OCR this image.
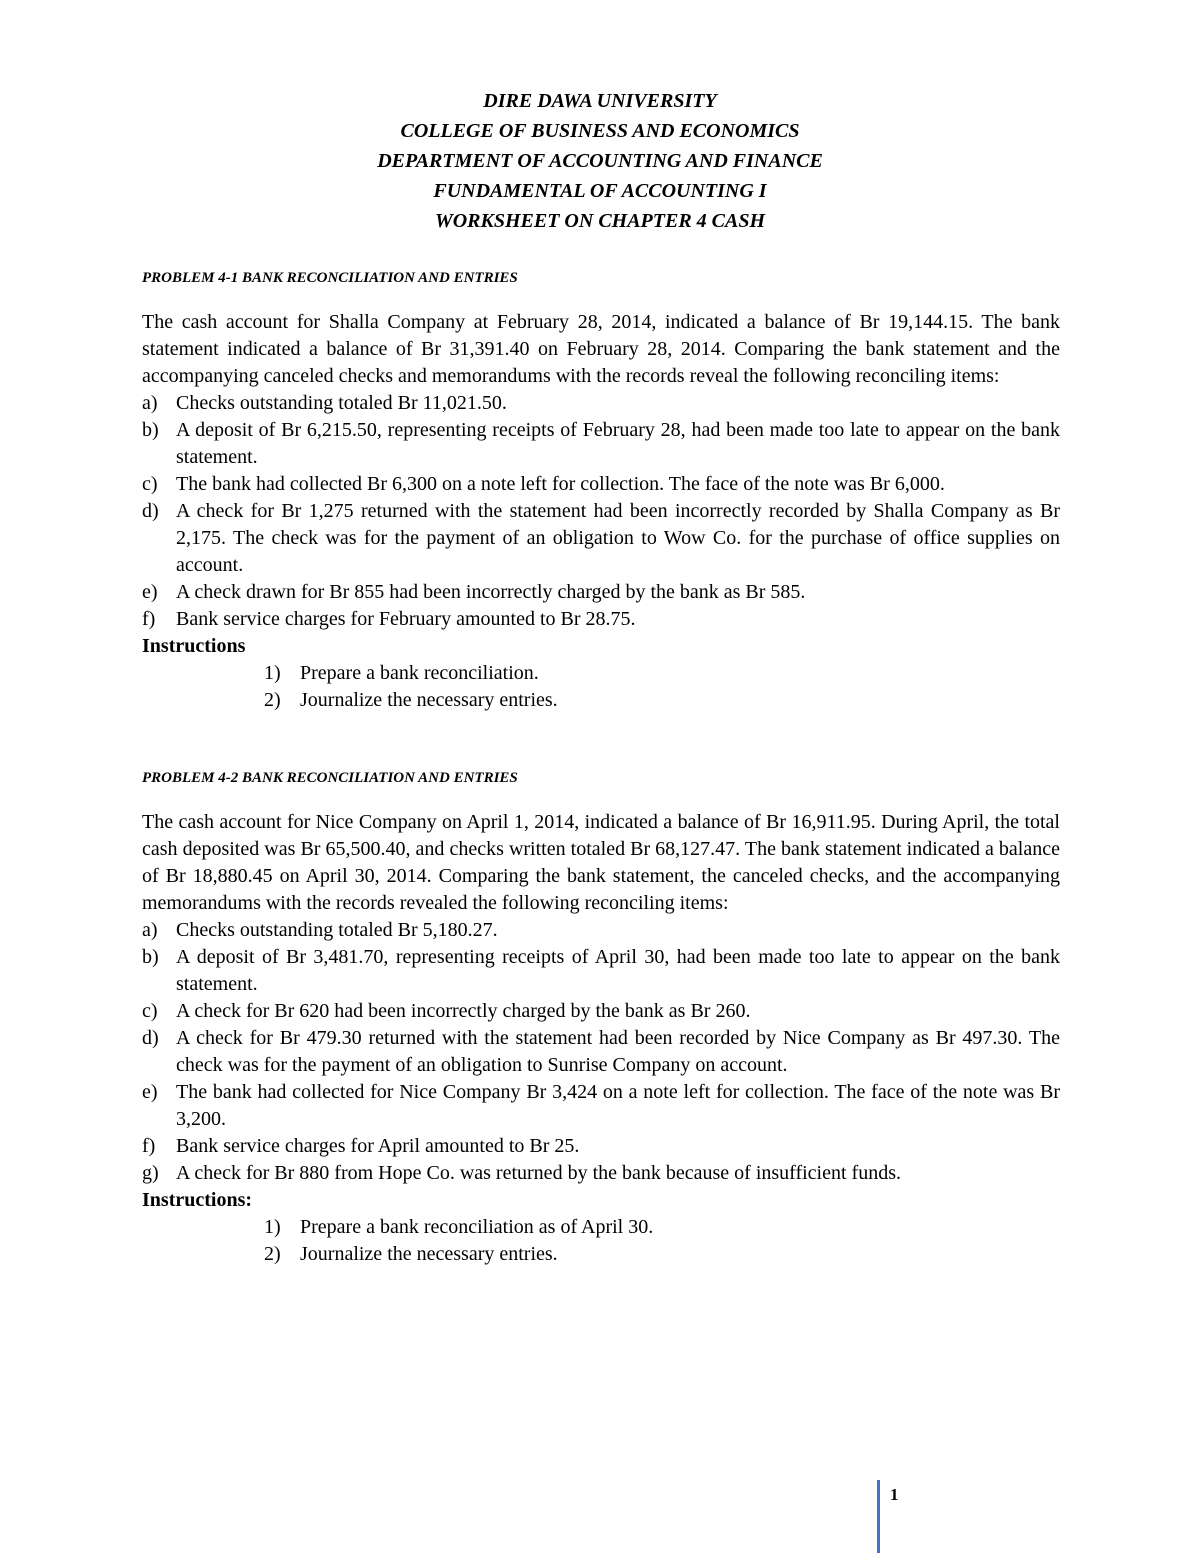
DIRE DAWA UNIVERSITY
COLLEGE OF BUSINESS AND ECONOMICS
DEPARTMENT OF ACCOUNTING AND FINANCE
FUNDAMENTAL OF ACCOUNTING I
WORKSHEET ON CHAPTER 4 CASH
PROBLEM 4-1 BANK RECONCILIATION AND ENTRIES
The cash account for Shalla Company at February 28, 2014, indicated a balance of Br 19,144.15. The bank statement indicated a balance of Br 31,391.40 on February 28, 2014. Comparing the bank statement and the accompanying canceled checks and memorandums with the records reveal the following reconciling items:
a) Checks outstanding totaled Br 11,021.50.
b) A deposit of Br 6,215.50, representing receipts of February 28, had been made too late to appear on the bank statement.
c) The bank had collected Br 6,300 on a note left for collection. The face of the note was Br 6,000.
d) A check for Br 1,275 returned with the statement had been incorrectly recorded by Shalla Company as Br 2,175. The check was for the payment of an obligation to Wow Co. for the purchase of office supplies on account.
e) A check drawn for Br 855 had been incorrectly charged by the bank as Br 585.
f) Bank service charges for February amounted to Br 28.75.
Instructions
1) Prepare a bank reconciliation.
2) Journalize the necessary entries.
PROBLEM 4-2 BANK RECONCILIATION AND ENTRIES
The cash account for Nice Company on April 1, 2014, indicated a balance of Br 16,911.95. During April, the total cash deposited was Br 65,500.40, and checks written totaled Br 68,127.47. The bank statement indicated a balance of Br 18,880.45 on April 30, 2014. Comparing the bank statement, the canceled checks, and the accompanying memorandums with the records revealed the following reconciling items:
a) Checks outstanding totaled Br 5,180.27.
b) A deposit of Br 3,481.70, representing receipts of April 30, had been made too late to appear on the bank statement.
c) A check for Br 620 had been incorrectly charged by the bank as Br 260.
d) A check for Br 479.30 returned with the statement had been recorded by Nice Company as Br 497.30. The check was for the payment of an obligation to Sunrise Company on account.
e) The bank had collected for Nice Company Br 3,424 on a note left for collection. The face of the note was Br 3,200.
f) Bank service charges for April amounted to Br 25.
g) A check for Br 880 from Hope Co. was returned by the bank because of insufficient funds.
Instructions:
1) Prepare a bank reconciliation as of April 30.
2) Journalize the necessary entries.
1
